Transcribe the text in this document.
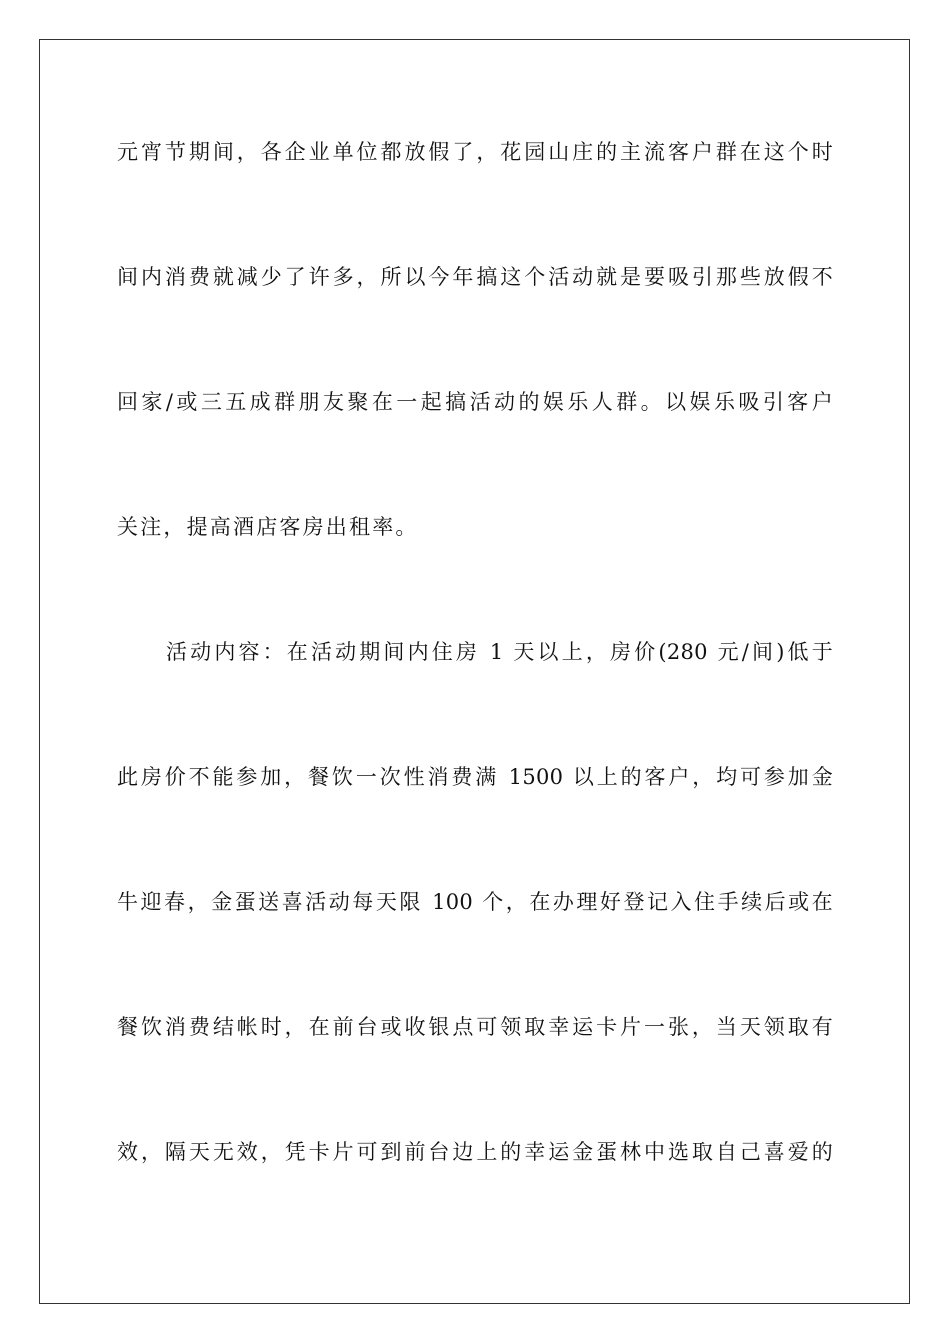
元宵节期间，各企业单位都放假了，花园山庄的主流客户群在这个时
间内消费就减少了许多，所以今年搞这个活动就是要吸引那些放假不
回家/或三五成群朋友聚在一起搞活动的娱乐人群。以娱乐吸引客户
关注，提高酒店客房出租率。
活动内容：在活动期间内住房 1 天以上，房价(280 元/间)低于
此房价不能参加，餐饮一次性消费满 1500 以上的客户，均可参加金
牛迎春，金蛋送喜活动每天限 100 个，在办理好登记入住手续后或在
餐饮消费结帐时，在前台或收银点可领取幸运卡片一张，当天领取有
效，隔天无效，凭卡片可到前台边上的幸运金蛋林中选取自己喜爱的
